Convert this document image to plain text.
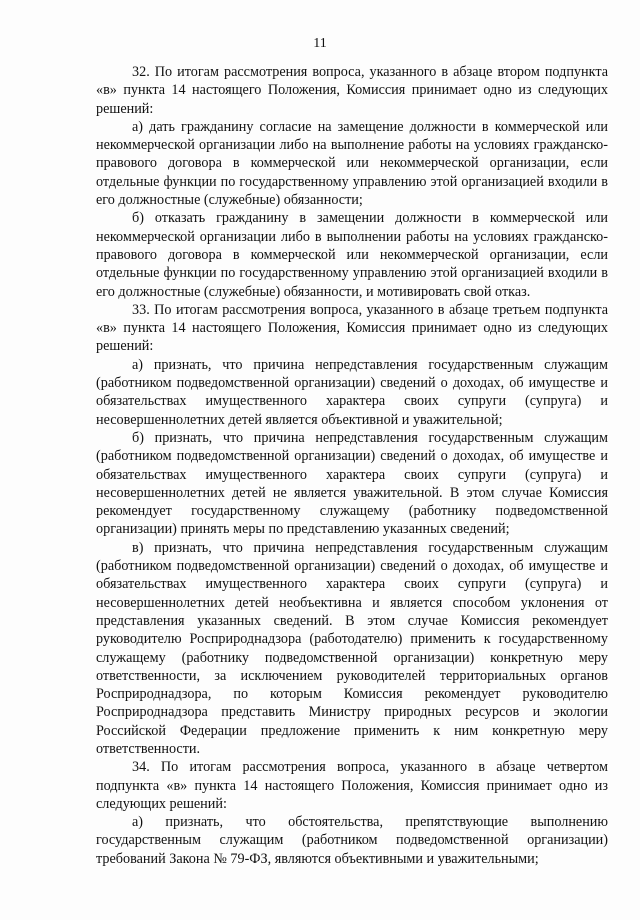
11

32. По итогам рассмотрения вопроса, указанного в абзаце втором подпункта «в» пункта 14 настоящего Положения, Комиссия принимает одно из следующих решений:

а) дать гражданину согласие на замещение должности в коммерческой или некоммерческой организации либо на выполнение работы на условиях гражданско-правового договора в коммерческой или некоммерческой организации, если отдельные функции по государственному управлению этой организацией входили в его должностные (служебные) обязанности;

б) отказать гражданину в замещении должности в коммерческой или некоммерческой организации либо в выполнении работы на условиях гражданско-правового договора в коммерческой или некоммерческой организации, если отдельные функции по государственному управлению этой организацией входили в его должностные (служебные) обязанности, и мотивировать свой отказ.

33. По итогам рассмотрения вопроса, указанного в абзаце третьем подпункта «в» пункта 14 настоящего Положения, Комиссия принимает одно из следующих решений:

а) признать, что причина непредставления государственным служащим (работником подведомственной организации) сведений о доходах, об имуществе и обязательствах имущественного характера своих супруги (супруга) и несовершеннолетних детей является объективной и уважительной;

б) признать, что причина непредставления государственным служащим (работником подведомственной организации) сведений о доходах, об имуществе и обязательствах имущественного характера своих супруги (супруга) и несовершеннолетних детей не является уважительной. В этом случае Комиссия рекомендует государственному служащему (работнику подведомственной организации) принять меры по представлению указанных сведений;

в) признать, что причина непредставления государственным служащим (работником подведомственной организации) сведений о доходах, об имуществе и обязательствах имущественного характера своих супруги (супруга) и несовершеннолетних детей необъективна и является способом уклонения от представления указанных сведений. В этом случае Комиссия рекомендует руководителю Росприроднадзора (работодателю) применить к государственному служащему (работнику подведомственной организации) конкретную меру ответственности, за исключением руководителей территориальных органов Росприроднадзора, по которым Комиссия рекомендует руководителю Росприроднадзора представить Министру природных ресурсов и экологии Российской Федерации предложение применить к ним конкретную меру ответственности.

34. По итогам рассмотрения вопроса, указанного в абзаце четвертом подпункта «в» пункта 14 настоящего Положения, Комиссия принимает одно из следующих решений:

а) признать, что обстоятельства, препятствующие выполнению государственным служащим (работником подведомственной организации) требований Закона № 79-ФЗ, являются объективными и уважительными;
